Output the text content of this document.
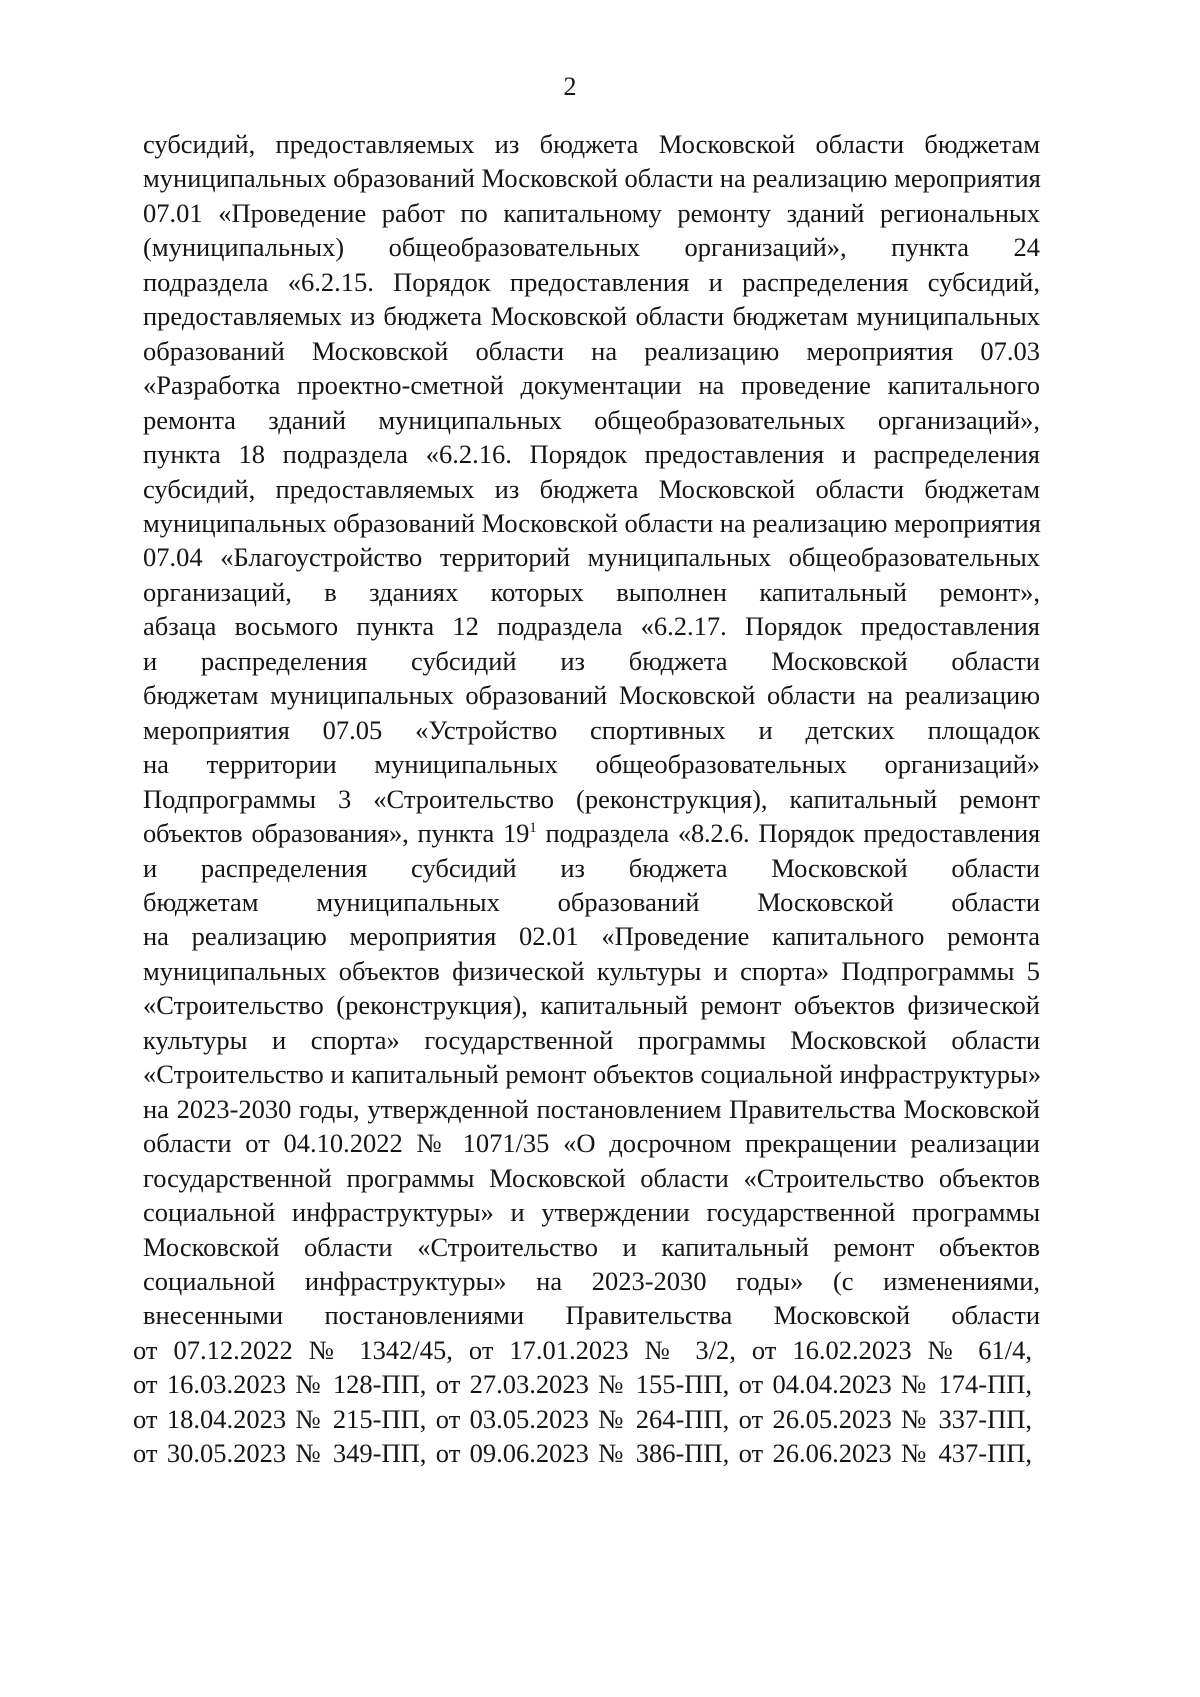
2
субсидий, предоставляемых из бюджета Московской области бюджетам
муниципальных образований Московской области на реализацию мероприятия
07.01 «Проведение работ по капитальному ремонту зданий региональных
(муниципальных) общеобразовательных организаций», пункта 24
подраздела «6.2.15. Порядок предоставления и распределения субсидий,
предоставляемых из бюджета Московской области бюджетам муниципальных
образований Московской области на реализацию мероприятия 07.03
«Разработка проектно-сметной документации на проведение капитального
ремонта зданий муниципальных общеобразовательных организаций»,
пункта 18 подраздела «6.2.16. Порядок предоставления и распределения
субсидий, предоставляемых из бюджета Московской области бюджетам
муниципальных образований Московской области на реализацию мероприятия
07.04 «Благоустройство территорий муниципальных общеобразовательных
организаций, в зданиях которых выполнен капитальный ремонт»,
абзаца восьмого пункта 12 подраздела «6.2.17. Порядок предоставления
и распределения субсидий из бюджета Московской области
бюджетам муниципальных образований Московской области на реализацию
мероприятия 07.05 «Устройство спортивных и детских площадок
на территории муниципальных общеобразовательных организаций»
Подпрограммы 3 «Строительство (реконструкция), капитальный ремонт
объектов образования», пункта $19^1$ подраздела «8.2.6. Порядок предоставления
и распределения субсидий из бюджета Московской области
бюджетам муниципальных образований Московской области
на реализацию мероприятия 02.01 «Проведение капитального ремонта
муниципальных объектов физической культуры и спорта» Подпрограммы 5
«Строительство (реконструкция), капитальный ремонт объектов физической
культуры и спорта» государственной программы Московской области
«Строительство и капитальный ремонт объектов социальной инфраструктуры»
на 2023-2030 годы, утвержденной постановлением Правительства Московской
области от 04.10.2022 № 1071/35 «О досрочном прекращении реализации
государственной программы Московской области «Строительство объектов
социальной инфраструктуры» и утверждении государственной программы
Московской области «Строительство и капитальный ремонт объектов
социальной инфраструктуры» на 2023-2030 годы» (с изменениями,
внесенными постановлениями Правительства Московской области
от 07.12.2022 № 1342/45, от 17.01.2023 № 3/2, от 16.02.2023 № 61/4,
от 16.03.2023 № 128-ПП, от 27.03.2023 № 155-ПП, от 04.04.2023 № 174-ПП,
от 18.04.2023 № 215-ПП, от 03.05.2023 № 264-ПП, от 26.05.2023 № 337-ПП,
от 30.05.2023 № 349-ПП, от 09.06.2023 № 386-ПП, от 26.06.2023 № 437-ПП,
